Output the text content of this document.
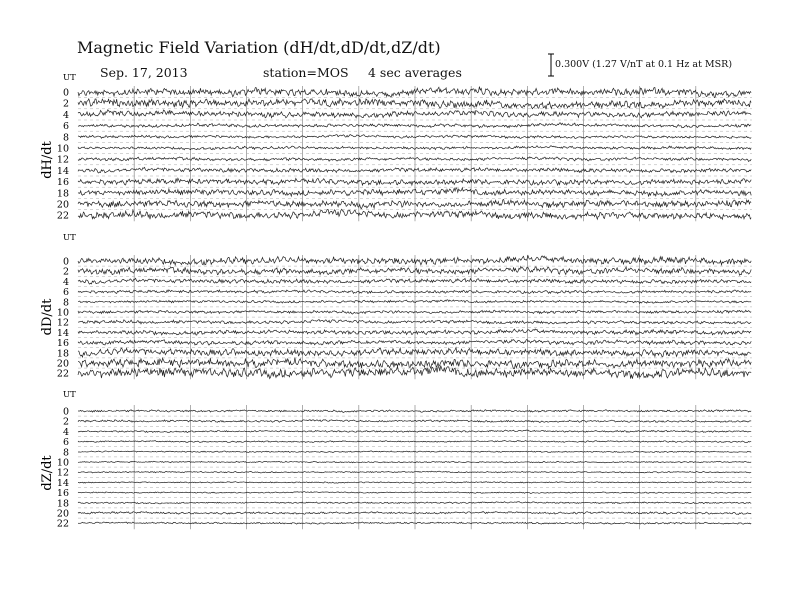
Magnetic Field Variation (dH/dt,dD/dt,dZ/dt)
Sep. 17, 2013	station=MOS 4 sec averages
0.300V (1.27 V/nT at 0.1 Hz at MSR)
UT
dH/dt
0
2
4
6
8
10
12
14
16
18
20
22
UT
dD/dt
0
2
4
6
8
10
12
14
16
18
20
22
UT
dZ/dt
0
2
4
6
8
10
12
14
16
18
20
22
